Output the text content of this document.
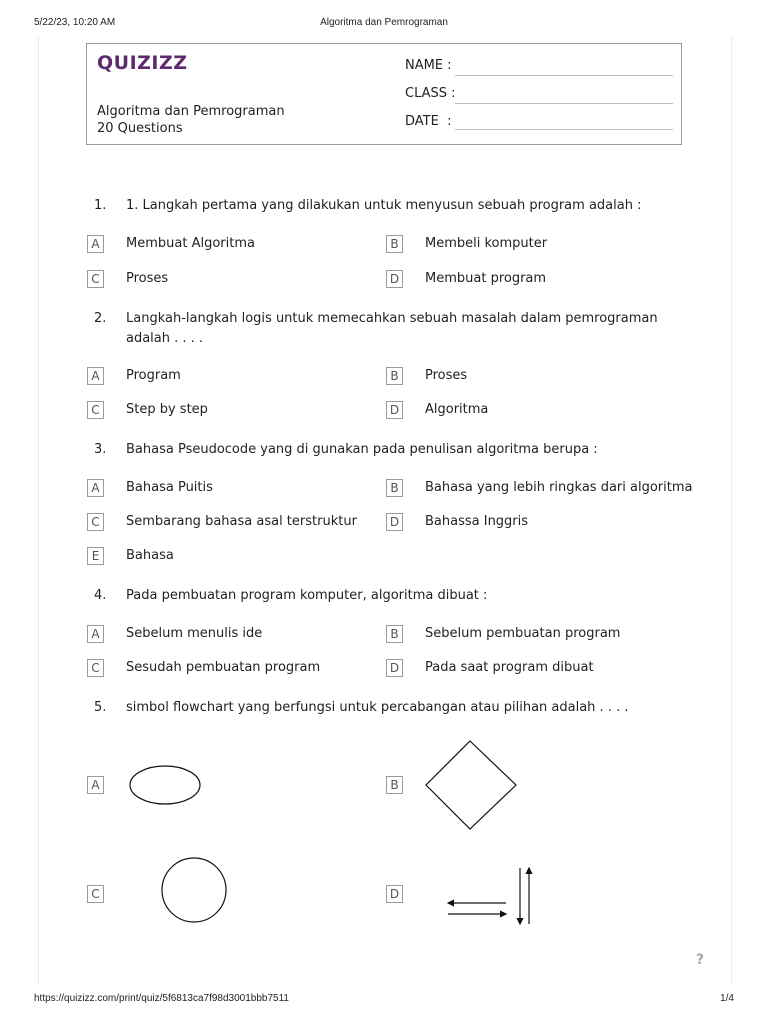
5/22/23, 10:20 AM	Algoritma dan Pemrograman
QUIZIZZ
Algoritma dan Pemrograman
20 Questions
NAME :
CLASS :
DATE  :
1. 1. Langkah pertama yang dilakukan untuk menyusun sebuah program adalah :
A	Membuat Algoritma	B	Membeli komputer
C	Proses	D Membuat program
2. Langkah-langkah logis untuk memecahkan sebuah masalah dalam pemrograman adalah . . . .
A	Program	B	Proses
C	Step by step	D Algoritma
3. Bahasa Pseudocode yang di gunakan pada penulisan algoritma berupa :
A	Bahasa Puitis	B	Bahasa yang lebih ringkas dari algoritma
C	Sembarang bahasa asal terstruktur	D Bahassa Inggris
E	Bahasa
4. Pada pembuatan program komputer, algoritma dibuat :
A	Sebelum menulis ide	B	Sebelum pembuatan program
C	Sesudah pembuatan program	D Pada saat program dibuat
5. simbol flowchart yang berfungsi untuk percabangan atau pilihan adalah . . . .
A	B
C	D
?
https://quizizz.com/print/quiz/5f6813ca7f98d3001bbb7511	1/4
